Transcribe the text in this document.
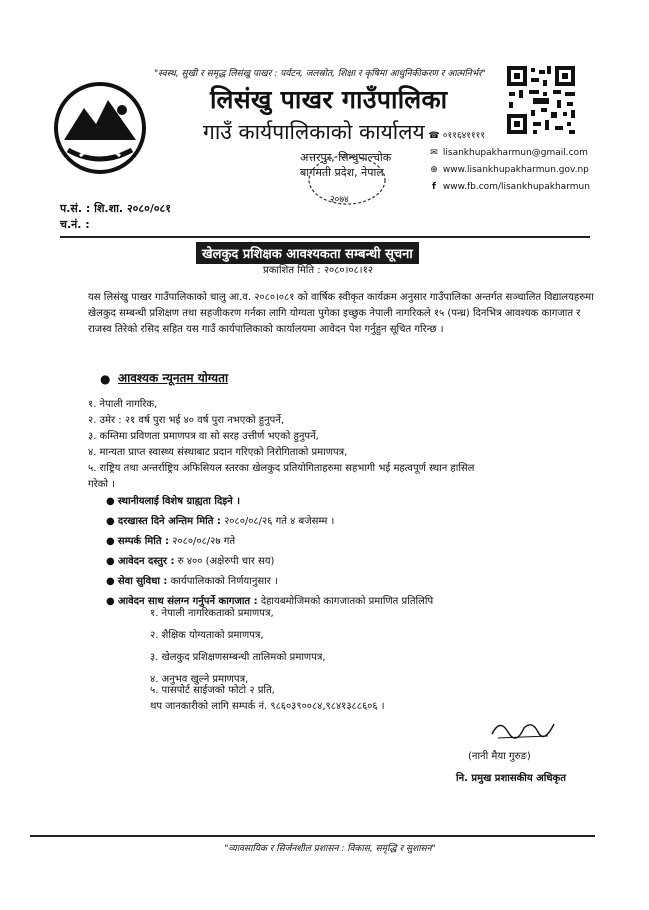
"स्वस्थ, सुखी र समृद्ध लिसंखु पाखर : पर्यटन, जलस्रोत, शिक्षा र कृषिमा आधुनिकीकरण र आत्मनिर्भर"
लिसंखु पाखर गाउँपालिका
गाउँ कार्यपालिकाको कार्यालय
अत्तरपुर, सिन्धुपाल्चोक
बागमती प्रदेश, नेपाल
२०७४
☎ ०११६४११११
✉ lisankhupakharmun@gmail.com
⊕ www.lisankhupakharmun.gov.np
f www.fb.com/lisankhupakharmun
प.सं. : शि.शा. २०८०/०८१
च.नं. :
खेलकुद प्रशिक्षक आवश्यकता सम्बन्धी सूचना
प्रकाशित मिति : २०८०।०८।१२
यस लिसंखु पाखर गाउँपालिकाको चालु आ.व. २०८०।०८१ को वार्षिक स्वीकृत कार्यक्रम अनुसार गाउँपालिका अन्तर्गत सञ्चालित विद्यालयहरुमा खेलकुद सम्बन्धी प्रशिक्षण तथा सहजीकरण गर्नका लागि योग्यता पुगेका इच्छुक नेपाली नागरिकले १५ (पन्ध्र) दिनभित्र आवश्यक कागजात र राजस्व तिरेको रसिद सहित यस गाउँ कार्यपालिकाको कार्यालयमा आवेदन पेश गर्नुहुन सूचित गरिन्छ ।
● आवश्यक न्यूनतम योग्यता
१. नेपाली नागरिक,
२. उमेर : २१ वर्ष पुरा भई ४० वर्ष पुरा नभएको हुनुपर्ने,
३. कम्तिमा प्रविणता प्रमाणपत्र वा सो सरह उत्तीर्ण भएको हुनुपर्ने,
४. मान्यता प्राप्त स्वास्थ्य संस्थाबाट प्रदान गरिएको निरोगिताको प्रमाणपत्र,
५. राष्ट्रिय तथा अन्तर्राष्ट्रिय अफिसियल स्तरका खेलकुद प्रतियोगिताहरुमा सहभागी भई महत्वपूर्ण स्थान हासिल
गरेको ।
● स्थानीयलाई विशेष ग्राह्यता दिइने ।
● दरखास्त दिने अन्तिम मिति : २०८०/०८/२६ गते ४ बजेसम्म ।
● सम्पर्क मिति : २०८०/०८/२७ गते
● आवेदन दस्तुर : रु ४०० (अक्षेरुपी चार सय)
● सेवा सुविधा : कार्यपालिकाको निर्णयानुसार ।
● आवेदन साथ संलग्न गर्नुपर्ने कागजात : देहायबमोजिमको कागजातको प्रमाणित प्रतिलिपि
१. नेपाली नागरिकताको प्रमाणपत्र,
२. शैक्षिक योग्यताको प्रमाणपत्र,
३. खेलकुद प्रशिक्षणसम्बन्धी तालिमको प्रमाणपत्र,
४. अनुभव खुल्ने प्रमाणपत्र,
५. पासपोर्ट साईजको फोटो २ प्रति,
थप जानकारीको लागि सम्पर्क नं. ९८६०३९००८४,९८४१३८८६०६ ।
(नानी मैया गुरुङ)
नि. प्रमुख प्रशासकीय अधिकृत
"व्यावसायिक र सिर्जनशील प्रशासन : विकास, समृद्धि र सुशासन"
